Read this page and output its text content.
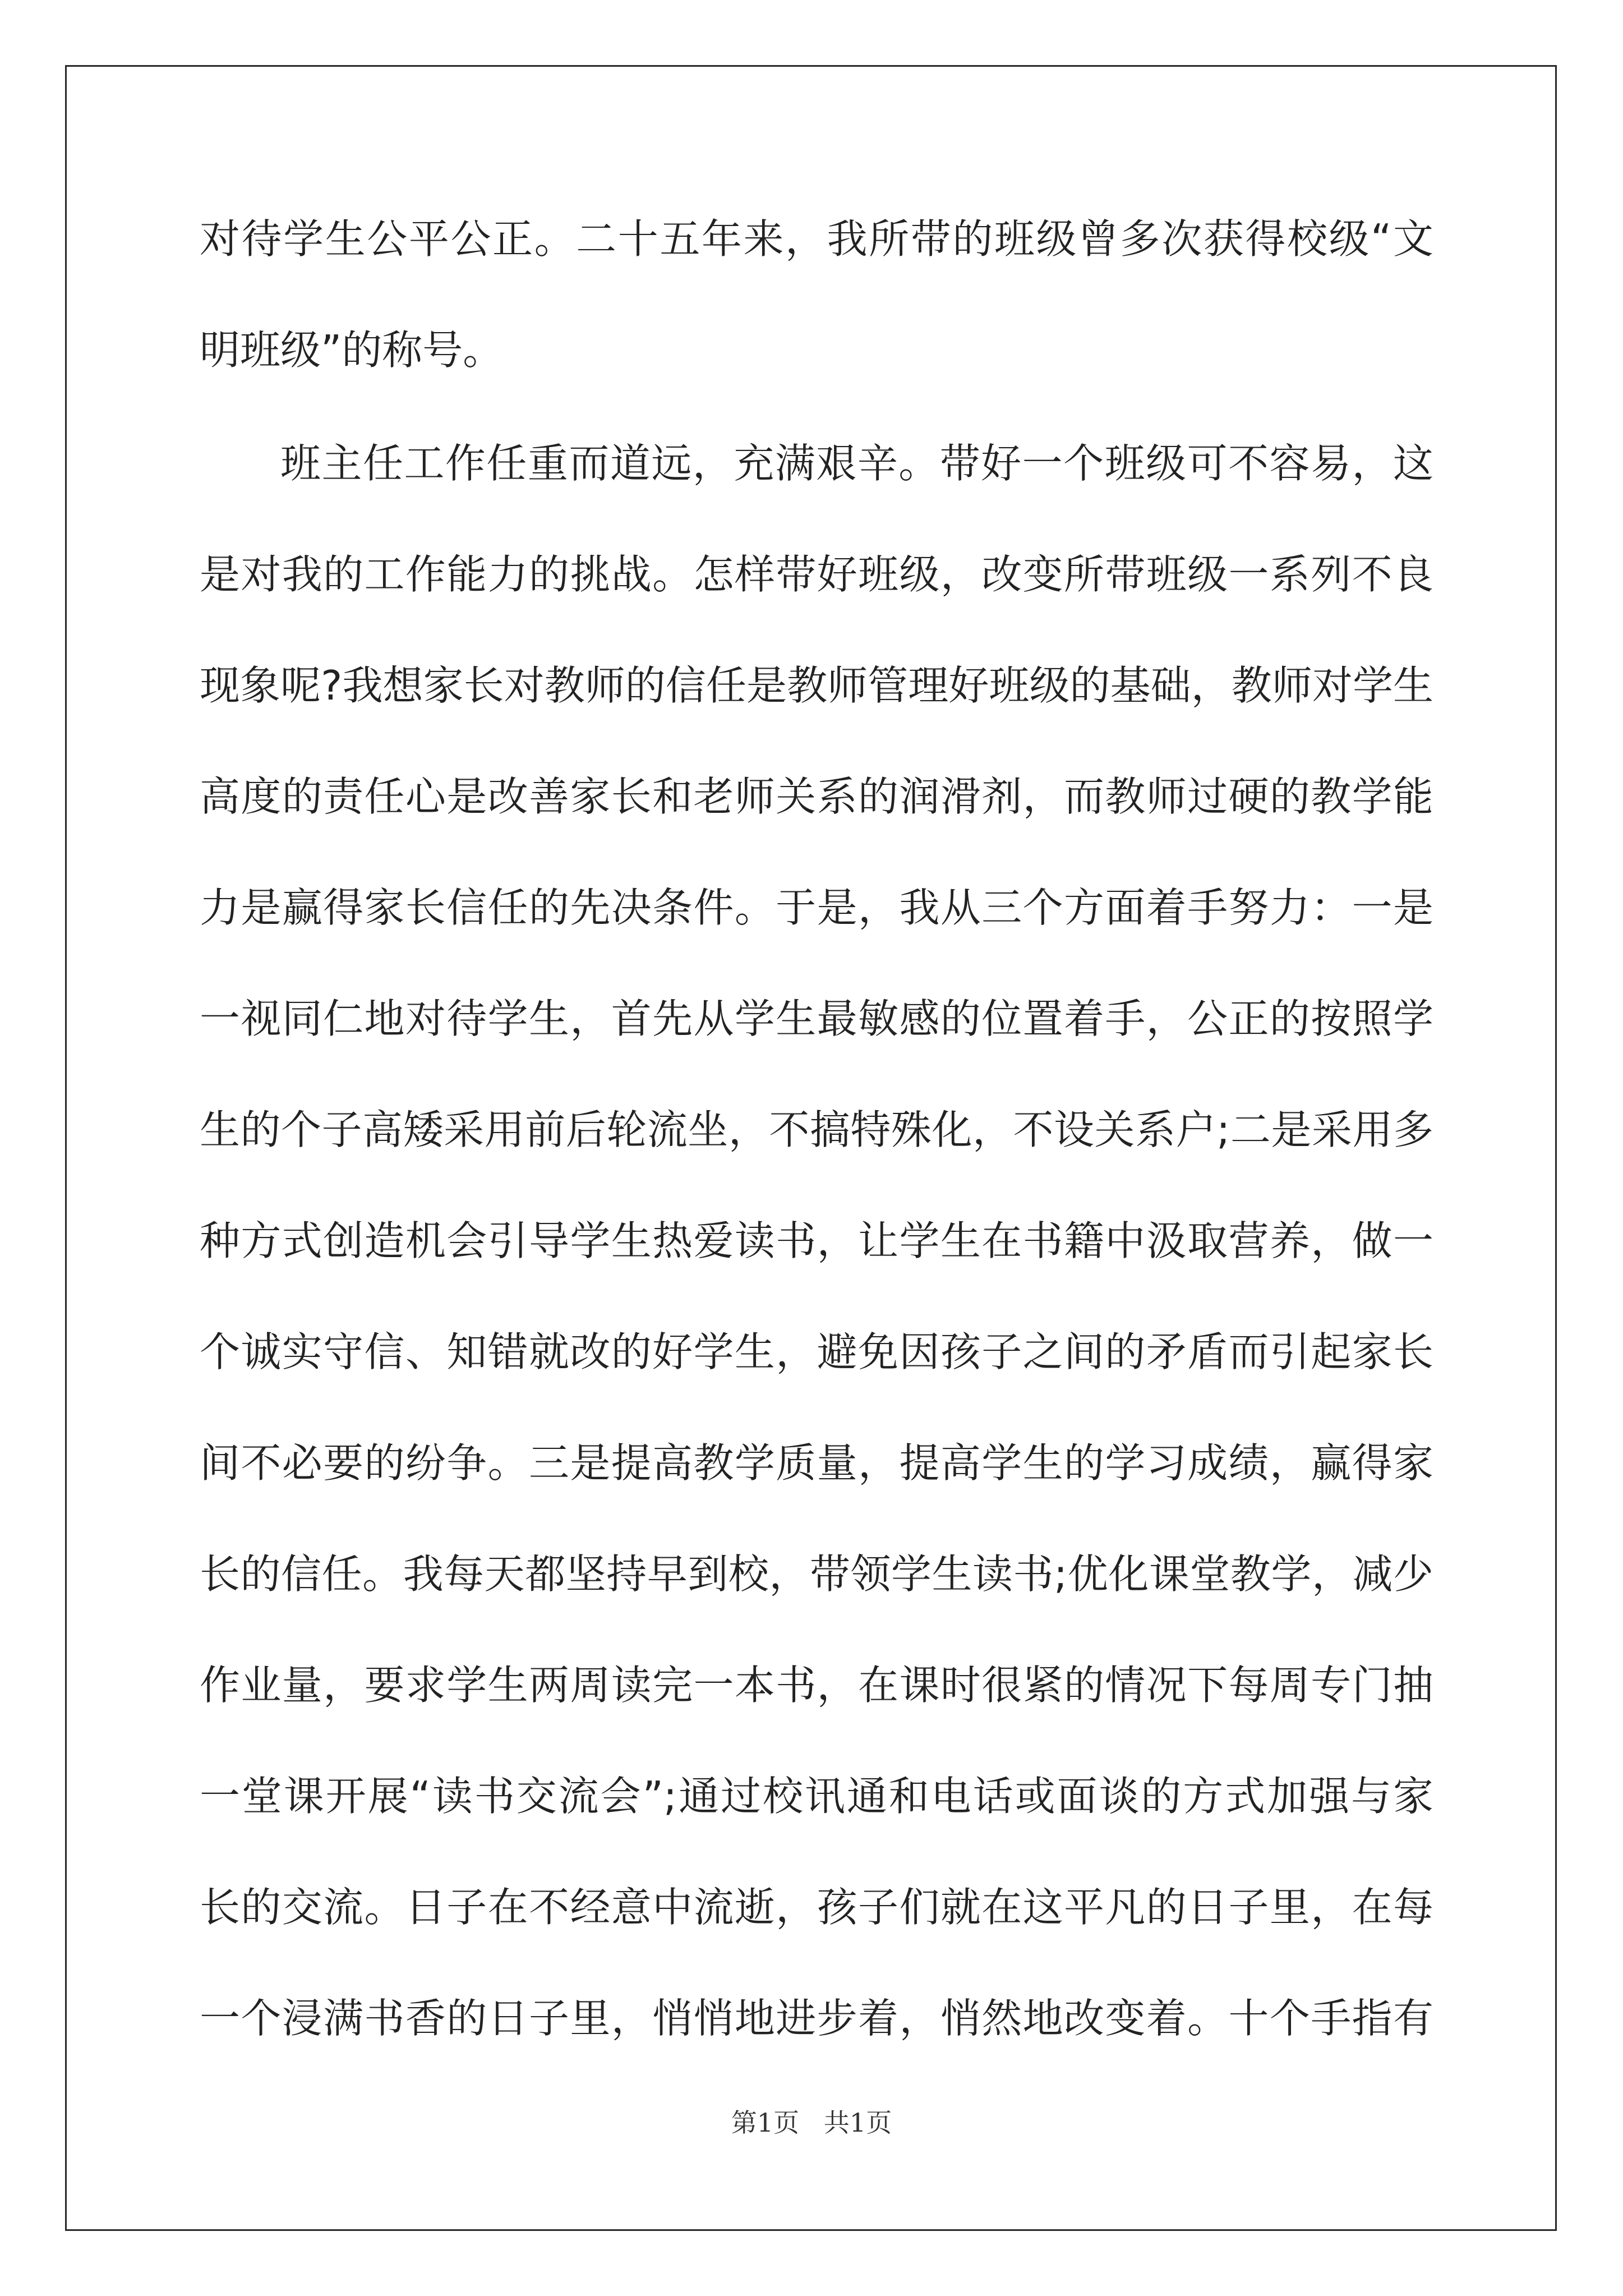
对待学生公平公正。二十五年来，我所带的班级曾多次获得校级“文
明班级”的称号。
班主任工作任重而道远，充满艰辛。带好一个班级可不容易，这
是对我的工作能力的挑战。怎样带好班级，改变所带班级一系列不良
现象呢?我想家长对教师的信任是教师管理好班级的基础，教师对学生
高度的责任心是改善家长和老师关系的润滑剂，而教师过硬的教学能
力是赢得家长信任的先决条件。于是，我从三个方面着手努力：一是
一视同仁地对待学生，首先从学生最敏感的位置着手，公正的按照学
生的个子高矮采用前后轮流坐，不搞特殊化，不设关系户;二是采用多
种方式创造机会引导学生热爱读书，让学生在书籍中汲取营养，做一
个诚实守信、知错就改的好学生，避免因孩子之间的矛盾而引起家长
间不必要的纷争。三是提高教学质量，提高学生的学习成绩，赢得家
长的信任。我每天都坚持早到校，带领学生读书;优化课堂教学，减少
作业量，要求学生两周读完一本书，在课时很紧的情况下每周专门抽
一堂课开展“读书交流会”;通过校讯通和电话或面谈的方式加强与家
长的交流。日子在不经意中流逝，孩子们就在这平凡的日子里，在每
一个浸满书香的日子里，悄悄地进步着，悄然地改变着。十个手指有
第1页   共1页
